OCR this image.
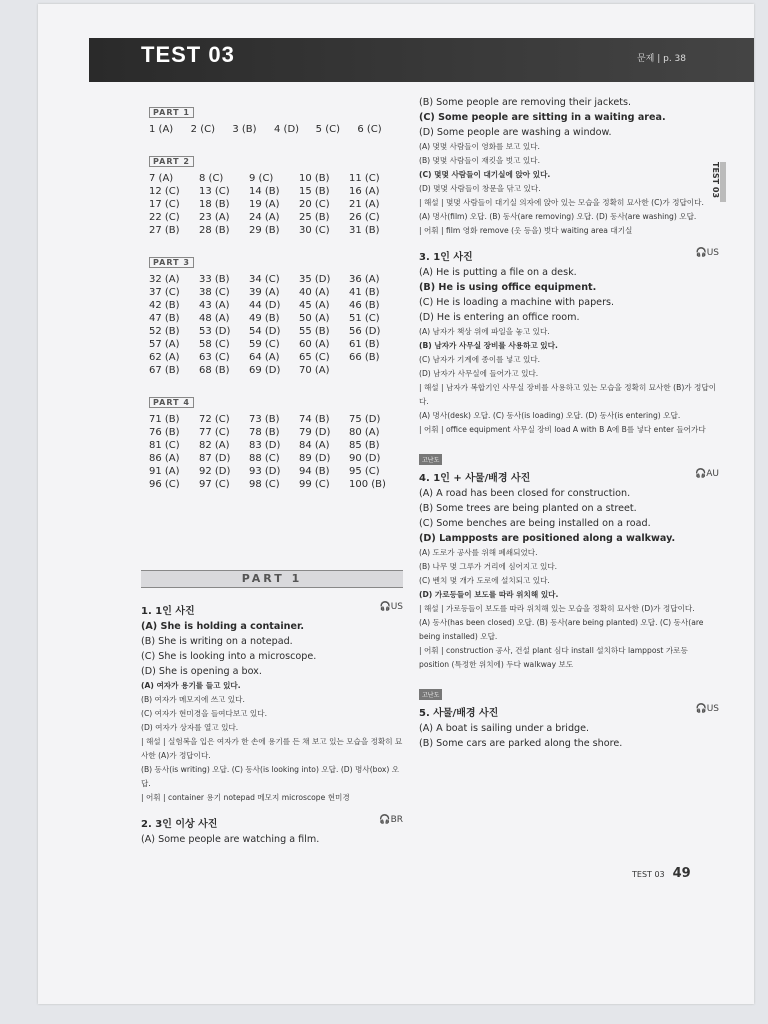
TEST 03	문제 | p. 38
TEST 03
PART 1
1 (A)	2 (C)	3 (B)	4 (D)	5 (C)	6 (C)
PART 2
7 (A)	8 (C)	9 (C)	10 (B)	11 (C)
12 (C)	13 (C)	14 (B)	15 (B)	16 (A)
17 (C)	18 (B)	19 (A)	20 (C)	21 (A)
22 (C)	23 (A)	24 (A)	25 (B)	26 (C)
27 (B)	28 (B)	29 (B)	30 (C)	31 (B)
PART 3
32 (A)	33 (B)	34 (C)	35 (D)	36 (A)
37 (C)	38 (C)	39 (A)	40 (A)	41 (B)
42 (B)	43 (A)	44 (D)	45 (A)	46 (B)
47 (B)	48 (A)	49 (B)	50 (A)	51 (C)
52 (B)	53 (D)	54 (D)	55 (B)	56 (D)
57 (A)	58 (C)	59 (C)	60 (A)	61 (B)
62 (A)	63 (C)	64 (A)	65 (C)	66 (B)
67 (B)	68 (B)	69 (D)	70 (A)
PART 4
71 (B)	72 (C)	73 (B)	74 (B)	75 (D)
76 (B)	77 (C)	78 (B)	79 (D)	80 (A)
81 (C)	82 (A)	83 (D)	84 (A)	85 (B)
86 (A)	87 (D)	88 (C)	89 (D)	90 (D)
91 (A)	92 (D)	93 (D)	94 (B)	95 (C)
96 (C)	97 (C)	98 (C)	99 (C)	100 (B)
PART 1
1. 1인 사진	🎧US
(A) She is holding a container.
(B) She is writing on a notepad.
(C) She is looking into a microscope.
(D) She is opening a box.
(A) 여자가 용기를 들고 있다.
(B) 여자가 메모지에 쓰고 있다.
(C) 여자가 현미경을 들여다보고 있다.
(D) 여자가 상자를 열고 있다.
| 해설 | 실험복을 입은 여자가 한 손에 용기를 든 채 보고 있는 모습을 정확히 묘사한 (A)가 정답이다.
(B) 동사(is writing) 오답. (C) 동사(is looking into) 오답. (D) 명사(box) 오답.
| 어휘 | container 용기 notepad 메모지 microscope 현미경
2. 3인 이상 사진	🎧BR
(A) Some people are watching a film.
(B) Some people are removing their jackets.
(C) Some people are sitting in a waiting area.
(D) Some people are washing a window.
(A) 몇몇 사람들이 영화를 보고 있다.
(B) 몇몇 사람들이 재킷을 벗고 있다.
(C) 몇몇 사람들이 대기실에 앉아 있다.
(D) 몇몇 사람들이 창문을 닦고 있다.
| 해설 | 몇몇 사람들이 대기실 의자에 앉아 있는 모습을 정확히 묘사한 (C)가 정답이다.
(A) 명사(film) 오답. (B) 동사(are removing) 오답. (D) 동사(are washing) 오답.
| 어휘 | film 영화 remove (옷 등을) 벗다 waiting area 대기실
3. 1인 사진	🎧US
(A) He is putting a file on a desk.
(B) He is using office equipment.
(C) He is loading a machine with papers.
(D) He is entering an office room.
(A) 남자가 책상 위에 파일을 놓고 있다.
(B) 남자가 사무실 장비를 사용하고 있다.
(C) 남자가 기계에 종이를 넣고 있다.
(D) 남자가 사무실에 들어가고 있다.
| 해설 | 남자가 복합기인 사무실 장비를 사용하고 있는 모습을 정확히 묘사한 (B)가 정답이다.
(A) 명사(desk) 오답. (C) 동사(is loading) 오답. (D) 동사(is entering) 오답.
| 어휘 | office equipment 사무실 장비 load A with B A에 B를 넣다 enter 들어가다
고난도
4. 1인 + 사물/배경 사진	🎧AU
(A) A road has been closed for construction.
(B) Some trees are being planted on a street.
(C) Some benches are being installed on a road.
(D) Lampposts are positioned along a walkway.
(A) 도로가 공사를 위해 폐쇄되었다.
(B) 나무 몇 그루가 거리에 심어지고 있다.
(C) 벤치 몇 개가 도로에 설치되고 있다.
(D) 가로등들이 보도를 따라 위치해 있다.
| 해설 | 가로등들이 보도를 따라 위치해 있는 모습을 정확히 묘사한 (D)가 정답이다.
(A) 동사(has been closed) 오답. (B) 동사(are being planted) 오답. (C) 동사(are being installed) 오답.
| 어휘 | construction 공사, 건설 plant 심다 install 설치하다 lamppost 가로등 position (특정한 위치에) 두다 walkway 보도
고난도
5. 사물/배경 사진	🎧US
(A) A boat is sailing under a bridge.
(B) Some cars are parked along the shore.
TEST 03 49
